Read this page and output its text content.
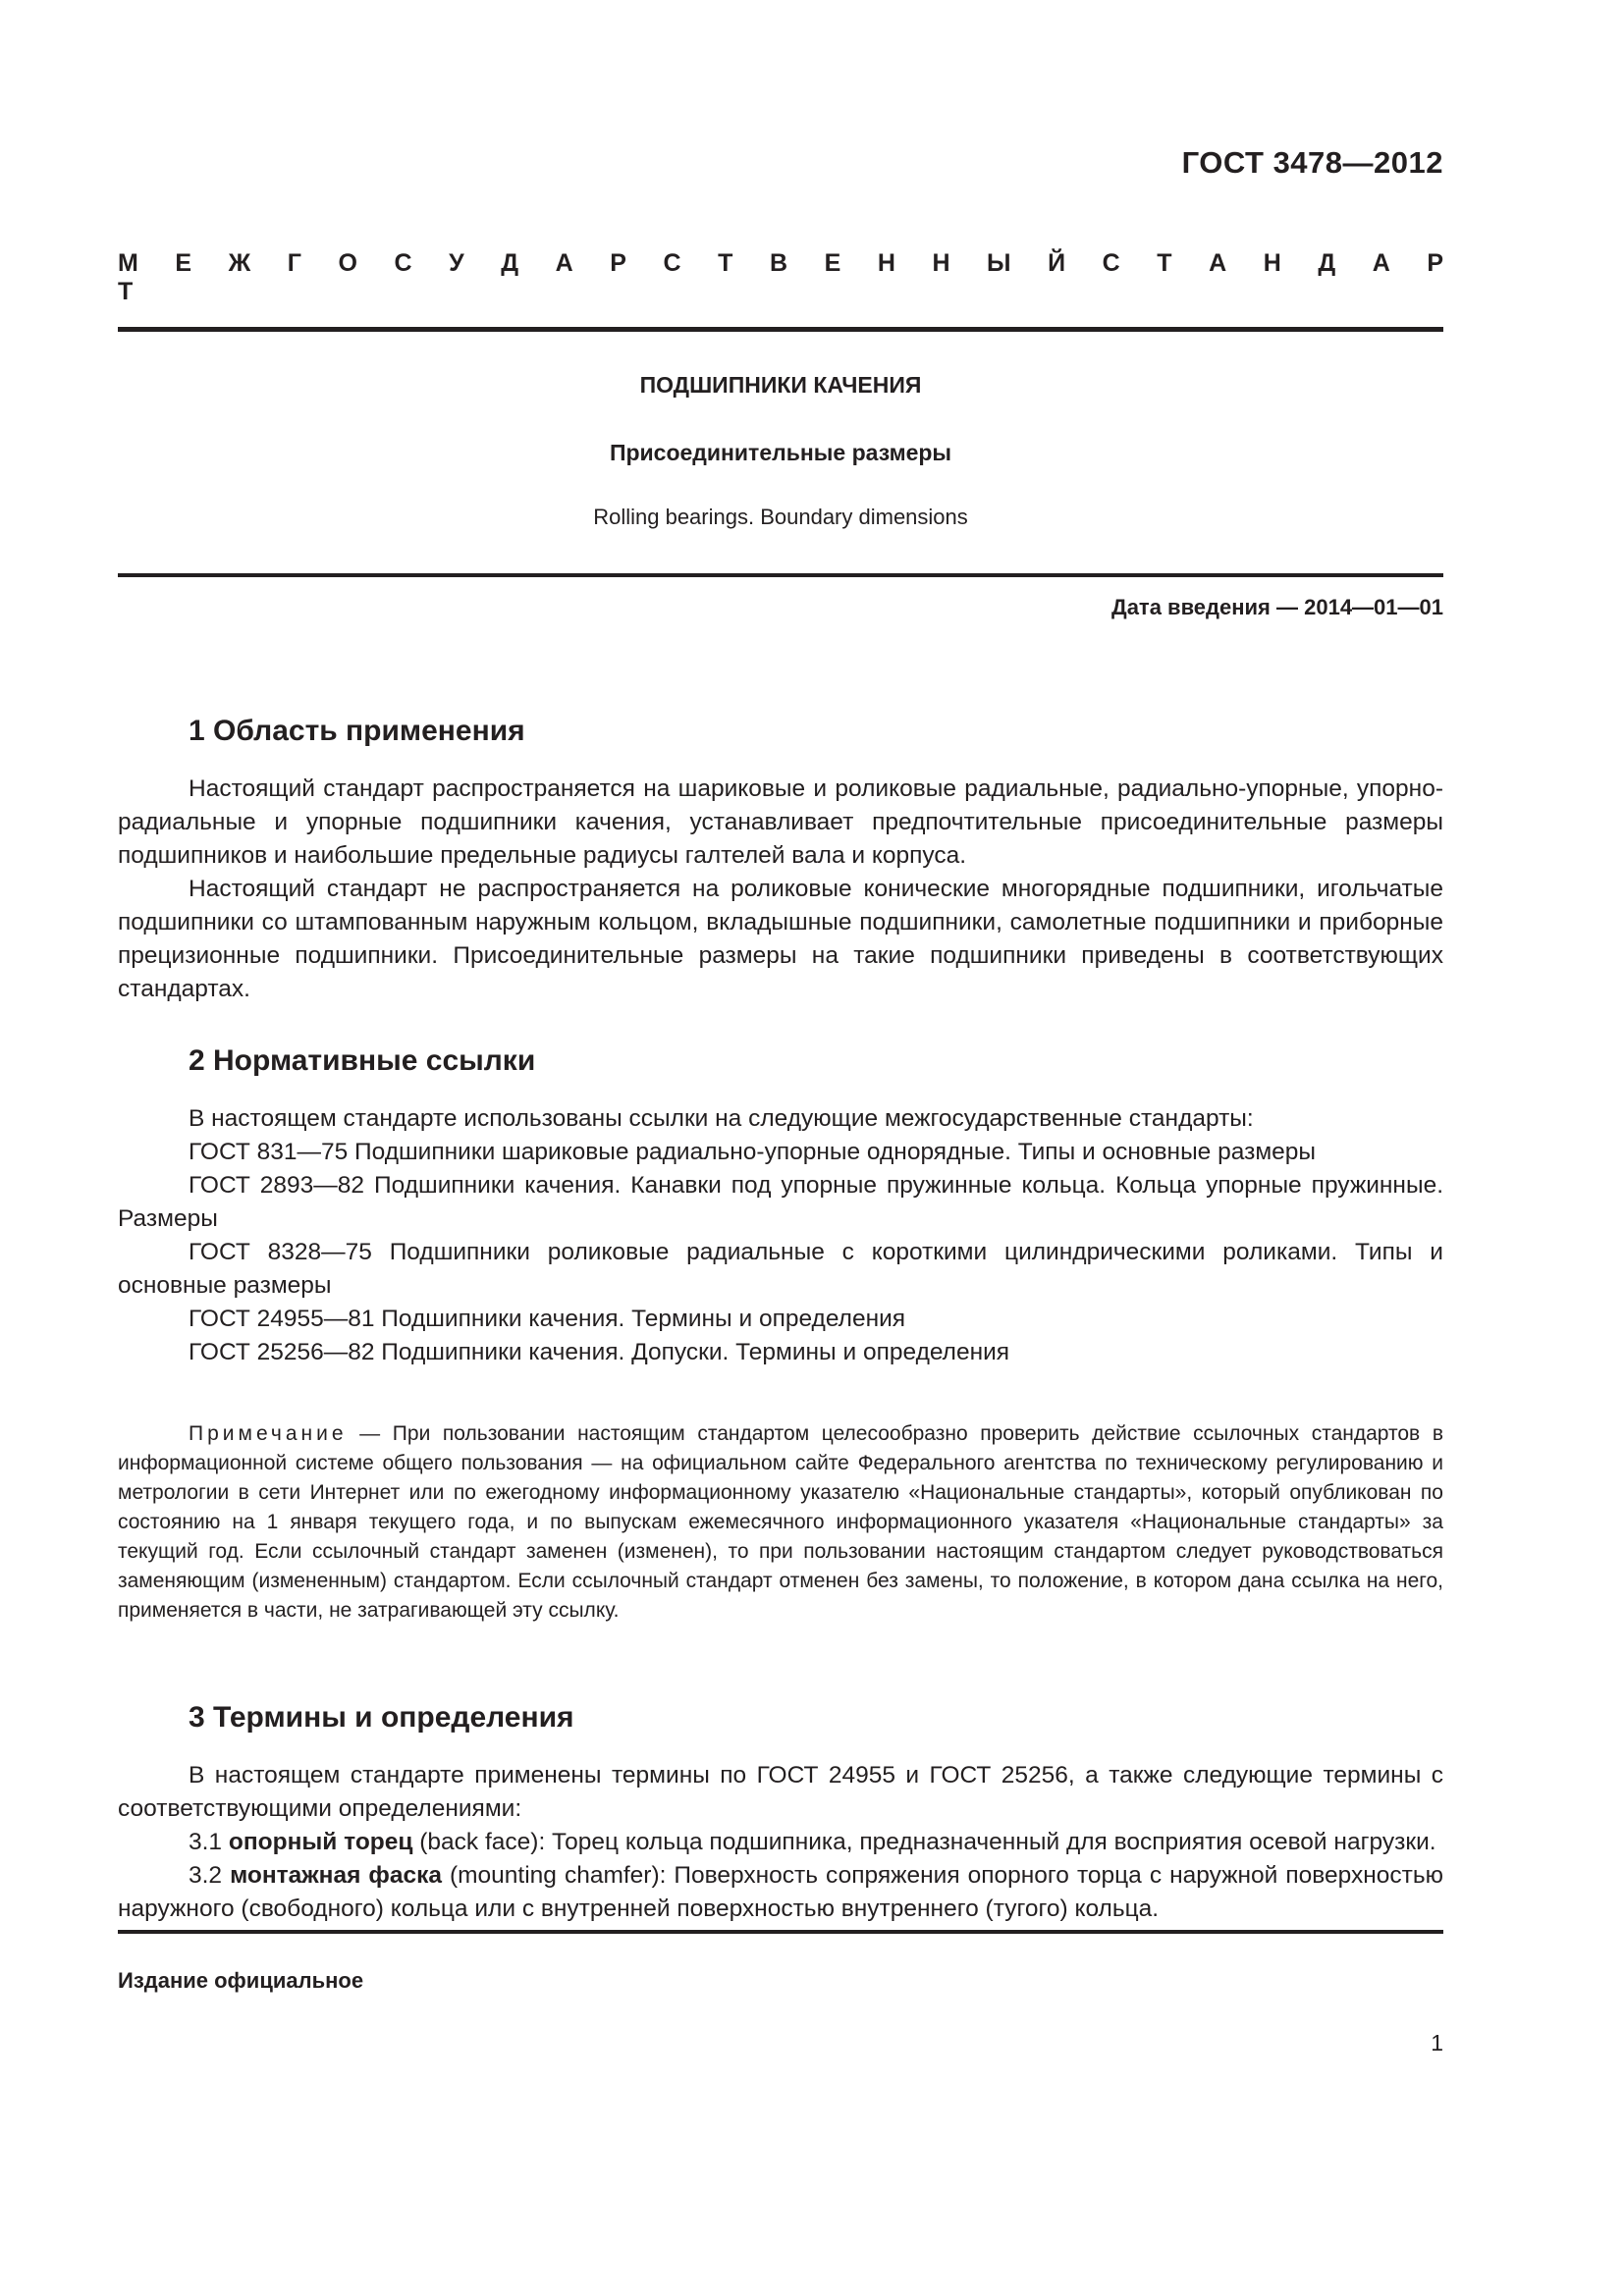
ГОСТ 3478—2012
М Е Ж Г О С У Д А Р С Т В Е Н Н Ы Й С Т А Н Д А Р Т
ПОДШИПНИКИ КАЧЕНИЯ
Присоединительные размеры
Rolling bearings. Boundary dimensions
Дата введения — 2014—01—01
1 Область применения

Настоящий стандарт распространяется на шариковые и роликовые радиальные, радиально-упорные, упорно-радиальные и упорные подшипники качения, устанавливает предпочтительные присоединительные размеры подшипников и наибольшие предельные радиусы галтелей вала и корпуса.

Настоящий стандарт не распространяется на роликовые конические многорядные подшипники, игольчатые подшипники со штампованным наружным кольцом, вкладышные подшипники, самолетные подшипники и приборные прецизионные подшипники. Присоединительные размеры на такие подшипники приведены в соответствующих стандартах.

2 Нормативные ссылки

В настоящем стандарте использованы ссылки на следующие межгосударственные стандарты:

ГОСТ 831—75 Подшипники шариковые радиально-упорные однорядные. Типы и основные размеры

ГОСТ 2893—82 Подшипники качения. Канавки под упорные пружинные кольца. Кольца упорные пружинные. Размеры

ГОСТ 8328—75 Подшипники роликовые радиальные с короткими цилиндрическими роликами. Типы и основные размеры

ГОСТ 24955—81 Подшипники качения. Термины и определения

ГОСТ 25256—82 Подшипники качения. Допуски. Термины и определения

Примечание — При пользовании настоящим стандартом целесообразно проверить действие ссылочных стандартов в информационной системе общего пользования — на официальном сайте Федерального агентства по техническому регулированию и метрологии в сети Интернет или по ежегодному информационному указателю «Национальные стандарты», который опубликован по состоянию на 1 января текущего года, и по выпускам ежемесячного информационного указателя «Национальные стандарты» за текущий год. Если ссылочный стандарт заменен (изменен), то при пользовании настоящим стандартом следует руководствоваться заменяющим (измененным) стандартом. Если ссылочный стандарт отменен без замены, то положение, в котором дана ссылка на него, применяется в части, не затрагивающей эту ссылку.

3 Термины и определения

В настоящем стандарте применены термины по ГОСТ 24955 и ГОСТ 25256, а также следующие термины с соответствующими определениями:

3.1 опорный торец (back face): Торец кольца подшипника, предназначенный для восприятия осевой нагрузки.

3.2 монтажная фаска (mounting chamfer): Поверхность сопряжения опорного торца с наружной поверхностью наружного (свободного) кольца или с внутренней поверхностью внутреннего (тугого) кольца.

Издание официальное
1
